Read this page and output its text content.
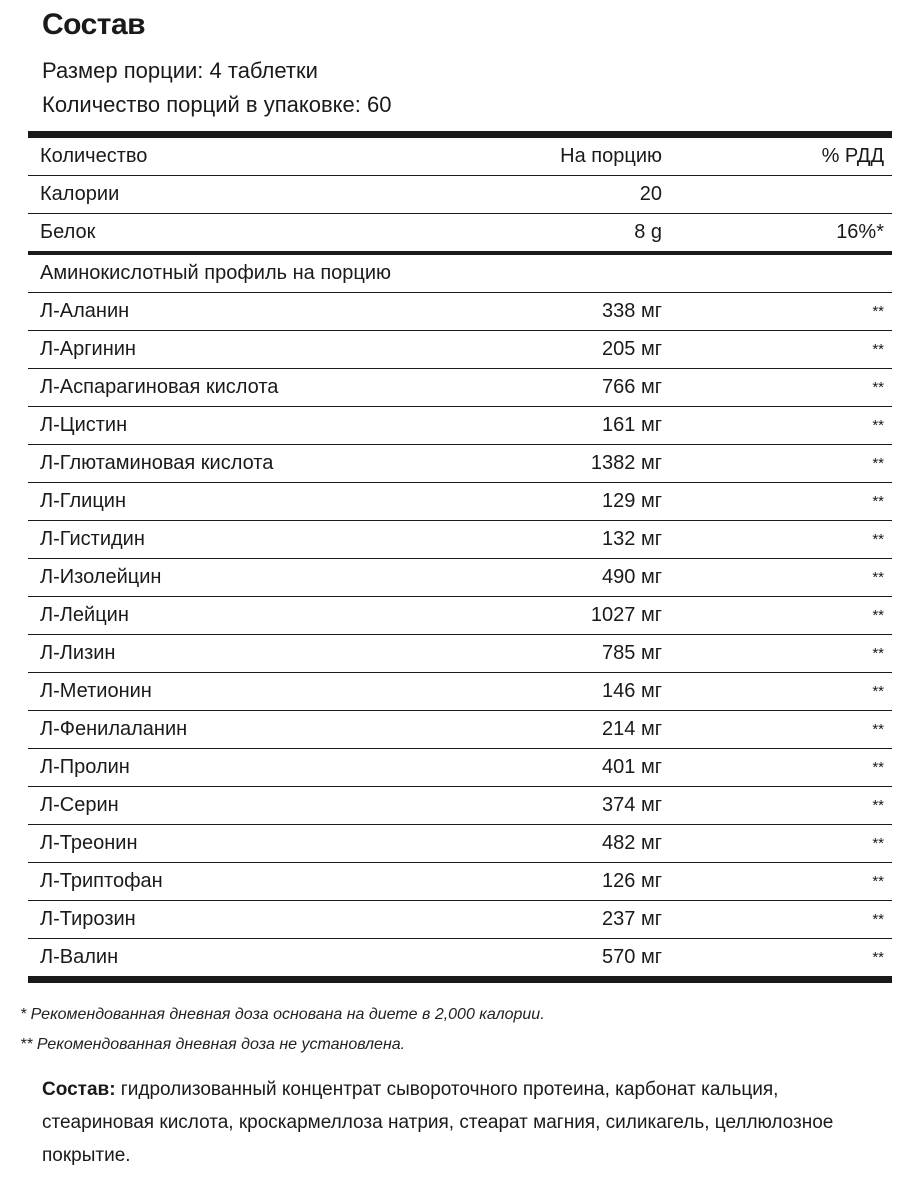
Состав
Размер порции: 4 таблетки
Количество порций в упаковке: 60
Количество	На порцию	% РДД
Калории	20
Белок	8 g	16%*
Аминокислотный профиль на порцию
Л-Аланин	338 мг	**
Л-Аргинин	205 мг	**
Л-Аспарагиновая кислота	766 мг	**
Л-Цистин	161 мг	**
Л-Глютаминовая кислота	1382 мг	**
Л-Глицин	129 мг	**
Л-Гистидин	132 мг	**
Л-Изолейцин	490 мг	**
Л-Лейцин	1027 мг	**
Л-Лизин	785 мг	**
Л-Метионин	146 мг	**
Л-Фенилаланин	214 мг	**
Л-Пролин	401 мг	**
Л-Серин	374 мг	**
Л-Треонин	482 мг	**
Л-Триптофан	126 мг	**
Л-Тирозин	237 мг	**
Л-Валин	570 мг	**
* Рекомендованная дневная доза основана на диете в 2,000 калории.
** Рекомендованная дневная доза не установлена.
Состав: гидролизованный концентрат сывороточного протеина, карбонат кальция, стеариновая кислота, кроскармеллоза натрия, стеарат магния, силикагель, целлюлозное покрытие.
